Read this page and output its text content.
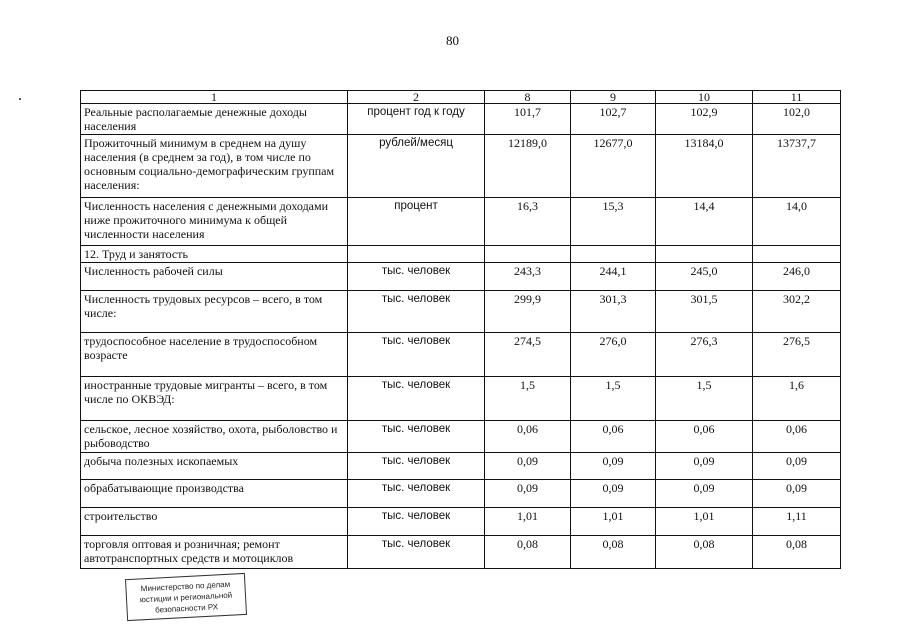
80
1	2	8	9	10	11
Реальные располагаемые денежные доходы населения	процент год к году	101,7	102,7	102,9	102,0
Прожиточный минимум в среднем на душу населения (в среднем за год), в том числе по основным социально-демографическим группам населения:	рублей/месяц	12189,0	12677,0	13184,0	13737,7
Численность населения с денежными доходами ниже прожиточного минимума к общей численности населения	процент	16,3	15,3	14,4	14,0
12. Труд и занятость					
Численность рабочей силы	тыс. человек	243,3	244,1	245,0	246,0
Численность трудовых ресурсов – всего, в том числе:	тыс. человек	299,9	301,3	301,5	302,2
трудоспособное население в трудоспособном возрасте	тыс. человек	274,5	276,0	276,3	276,5
иностранные трудовые мигранты – всего, в том числе по ОКВЭД:	тыс. человек	1,5	1,5	1,5	1,6
сельское, лесное хозяйство, охота, рыболовство и рыбоводство	тыс. человек	0,06	0,06	0,06	0,06
добыча полезных ископаемых	тыс. человек	0,09	0,09	0,09	0,09
обрабатывающие производства	тыс. человек	0,09	0,09	0,09	0,09
строительство	тыс. человек	1,01	1,01	1,01	1,11
торговля оптовая и розничная; ремонт автотранспортных средств и мотоциклов	тыс. человек	0,08	0,08	0,08	0,08
Министерство по делам
юстиции и региональной
безопасности РХ
